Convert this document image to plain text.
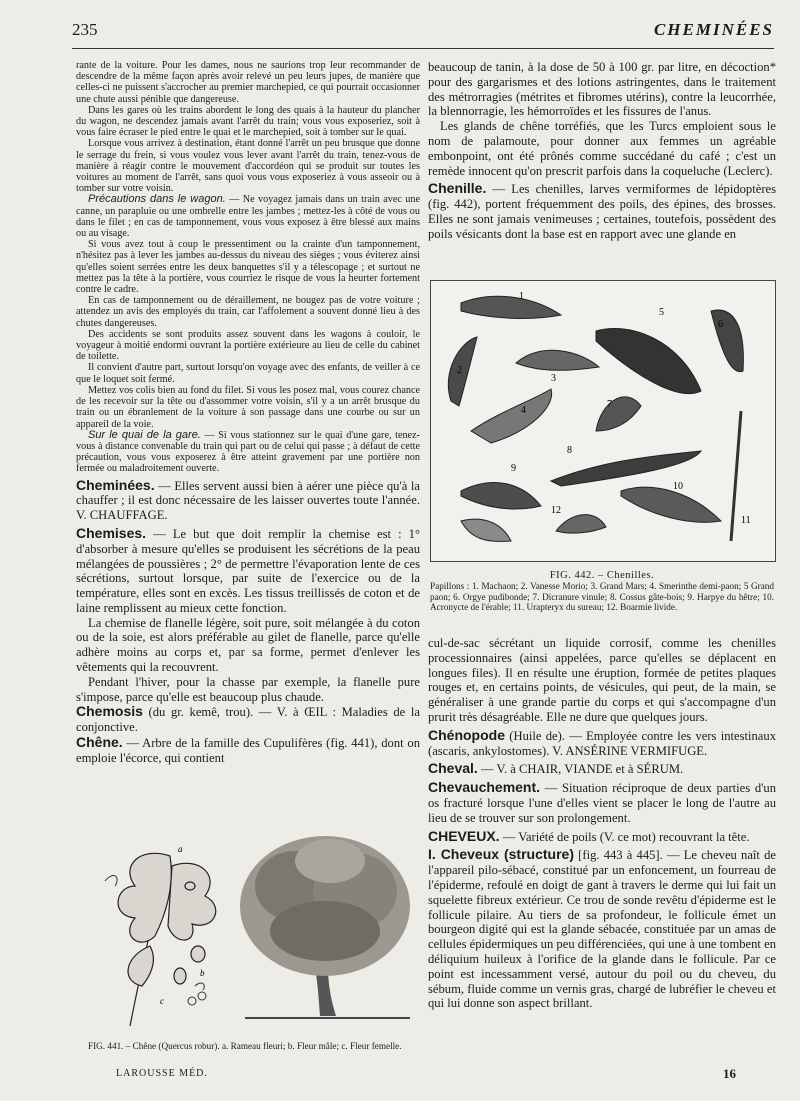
235	CHEMINÉES

rante de la voiture. Pour les dames, nous ne saurions trop leur recommander de descendre de la même façon après avoir relevé un peu leurs jupes, de manière que celles-ci ne puissent s'accrocher au premier marchepied, ce qui pourrait occasionner une chute aussi pénible que dangereuse.

Dans les gares où les trains abordent le long des quais à la hauteur du plancher du wagon, ne descendez jamais avant l'arrêt du train; vous vous exposeriez, soit à vous faire écraser le pied entre le quai et le marchepied, soit à tomber sur le quai.

Lorsque vous arrivez à destination, étant donné l'arrêt un peu brusque que donne le serrage du frein, si vous voulez vous lever avant l'arrêt du train, tenez-vous de manière à réagir contre le mouvement d'accordéon qui se produit sur toutes les voitures au moment de l'arrêt, sans quoi vous vous exposeriez à vous asseoir ou à tomber sur votre voisin.

Précautions dans le wagon. — Ne voyagez jamais dans un train avec une canne, un parapluie ou une ombrelle entre les jambes ; mettez-les à côté de vous ou dans le filet ; en cas de tamponnement, vous vous exposez à être blessé aux mains ou au visage.

Si vous avez tout à coup le pressentiment ou la crainte d'un tamponnement, n'hésitez pas à lever les jambes au-dessus du niveau des sièges ; vous éviterez ainsi qu'elles soient serrées entre les deux banquettes s'il y a télescopage ; et surtout ne mettez pas la tête à la portière, vous courriez le risque de vous la heurter fortement contre le cadre.

En cas de tamponnement ou de déraillement, ne bougez pas de votre voiture ; attendez un avis des employés du train, car l'affolement a souvent donné lieu à des chutes dangereuses.

Des accidents se sont produits assez souvent dans les wagons à couloir, le voyageur à moitié endormi ouvrant la portière extérieure au lieu de celle du cabinet de toilette.

Il convient d'autre part, surtout lorsqu'on voyage avec des enfants, de veiller à ce que le loquet soit fermé.

Mettez vos colis bien au fond du filet. Si vous les posez mal, vous courez chance de les recevoir sur la tête ou d'assommer votre voisin, s'il y a un arrêt brusque du train ou un ébranlement de la voiture à son passage dans une courbe ou sur un appareil de la voie.

Sur le quai de la gare. — Si vous stationnez sur le quai d'une gare, tenez-vous à distance convenable du train qui part ou de celui qui passe ; à défaut de cette précaution, vous vous exposerez à être atteint gravement par une portière non fermée ou maladroitement ouverte.

Cheminées. — Elles servent aussi bien à aérer une pièce qu'à la chauffer ; il est donc nécessaire de les laisser ouvertes toute l'année. V. CHAUFFAGE.

Chemises. — Le but que doit remplir la chemise est : 1° d'absorber à mesure qu'elles se produisent les sécrétions de la peau mélangées de poussières ; 2° de permettre l'évaporation lente de ces sécrétions, surtout lorsque, par suite de l'exercice ou de la température, elles sont en excès. Les tissus treillissés de coton et de laine remplissent au mieux cette fonction.

La chemise de flanelle légère, soit pure, soit mélangée à du coton ou de la soie, est alors préférable au gilet de flanelle, parce qu'elle adhère moins au corps et, par sa forme, permet d'enlever les vêtements qui la recouvrent.

Pendant l'hiver, pour la chasse par exemple, la flanelle pure s'impose, parce qu'elle est beaucoup plus chaude.

Chemosis (du gr. kemê, trou). — V. à ŒIL : Maladies de la conjonctive.

Chêne. — Arbre de la famille des Cupulifères (fig. 441), dont on emploie l'écorce, qui contient

a
b
c
FIG. 441. – Chêne (Quercus robur). a. Rameau fleuri; b. Fleur mâle; c. Fleur femelle.

beaucoup de tanin, à la dose de 50 à 100 gr. par litre, en décoction* pour des gargarismes et des lotions astringentes, dans le traitement des métrorragies (métrites et fibromes utérins), contre la leucorrhée, la blennorragie, les hémorroïdes et les fissures de l'anus.

Les glands de chêne torréfiés, que les Turcs emploient sous le nom de palamoute, pour donner aux femmes un agréable embonpoint, ont été prônés comme succédané du café ; c'est un remède innocent qu'on prescrit parfois dans la coqueluche (Leclerc).

Chenille. — Les chenilles, larves vermiformes de lépidoptères (fig. 442), portent fréquemment des poils, des épines, des brosses. Elles ne sont jamais venimeuses ; certaines, toutefois, possèdent des poils vésicants dont la base est en rapport avec une glande en

1
2
3
4
5
6
7
8
9
10
11
12
FIG. 442. – Chenilles.
Papillons : 1. Machaon; 2. Vanesse Morio; 3. Grand Mars; 4. Smerinthe demi-paon; 5 Grand paon; 6. Orgye pudibonde; 7. Dicranure vinule; 8. Cossus gâte-bois; 9. Harpye du hêtre; 10. Acronycte de l'érable; 11. Urapteryx du sureau; 12. Boarmie livide.

cul-de-sac sécrétant un liquide corrosif, comme les chenilles processionnaires (ainsi appelées, parce qu'elles se déplacent en longues files). Il en résulte une éruption, formée de petites plaques rouges et, en certains points, de vésicules, qui peut, de la main, se généraliser à une grande partie du corps et qui s'accompagne d'un prurit très désagréable. Elle ne dure que quelques jours.

Chénopode (Huile de). — Employée contre les vers intestinaux (ascaris, ankylostomes). V. ANSÉRINE VERMIFUGE.

Cheval. — V. à CHAIR, VIANDE et à SÉRUM.

Chevauchement. — Situation réciproque de deux parties d'un os fracturé lorsque l'une d'elles vient se placer le long de l'autre au lieu de se trouver sur son prolongement.

CHEVEUX. — Variété de poils (V. ce mot) recouvrant la tête.

I. Cheveux (structure) [fig. 443 à 445]. — Le cheveu naît de l'appareil pilo-sébacé, constitué par un enfoncement, un fourreau de l'épiderme, refoulé en doigt de gant à travers le derme qui lui fait un squelette fibreux extérieur. Ce trou de sonde revêtu d'épiderme est le follicule pilaire. Au tiers de sa profondeur, le follicule émet un bourgeon digité qui est la glande sébacée, constituée par un amas de cellules épidermiques un peu différenciées, qui une à une tombent en déliquium huileux à l'orifice de la glande dans le follicule. Par ce point est incessamment versé, autour du poil ou du cheveu, du sébum, fluide comme un vernis gras, chargé de lubréfier le cheveu et qui lui donne son aspect brillant.

LAROUSSE MÉD.	16
